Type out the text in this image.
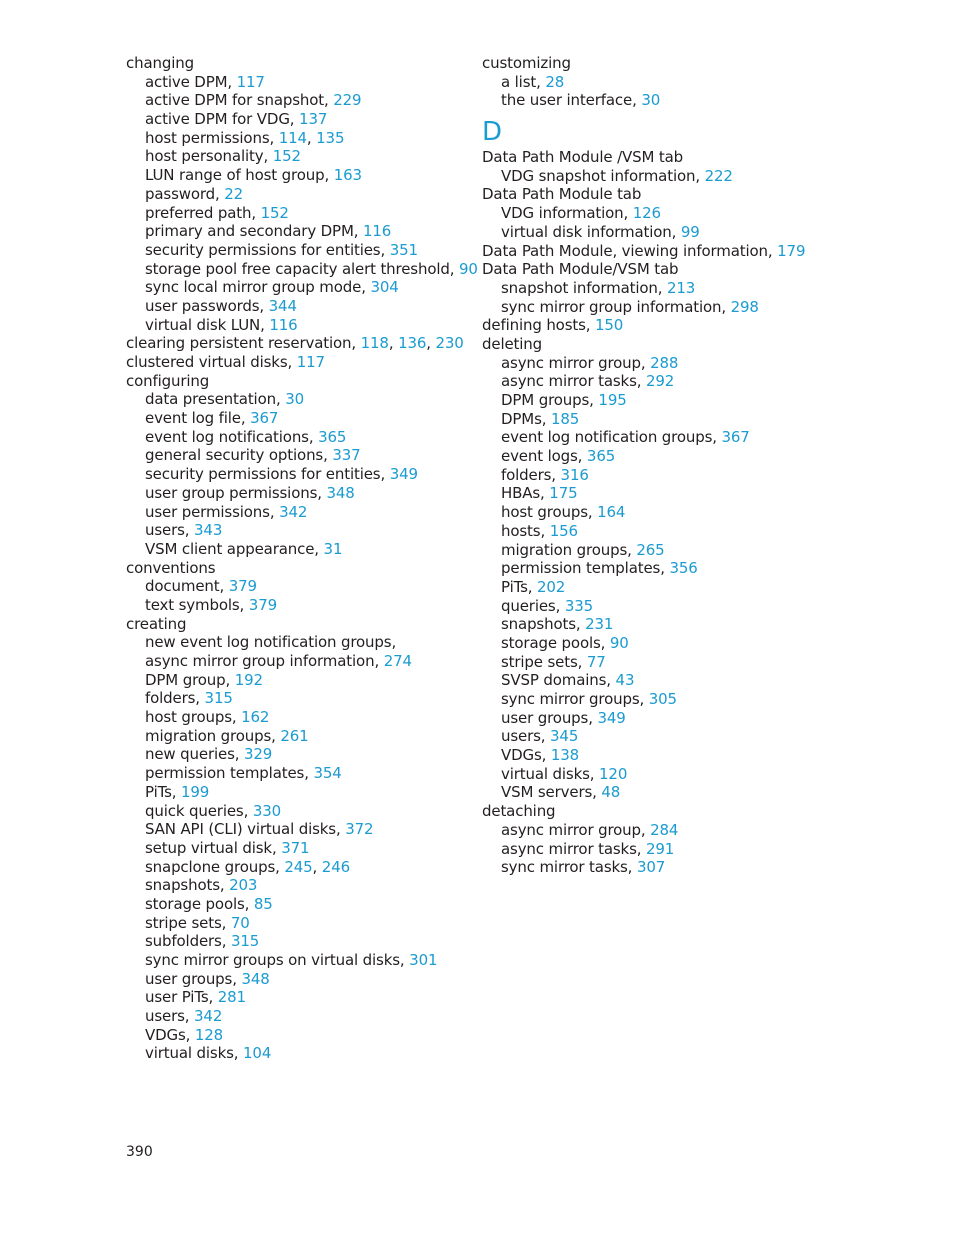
changing
active DPM, 117
active DPM for snapshot, 229
active DPM for VDG, 137
host permissions, 114, 135
host personality, 152
LUN range of host group, 163
password, 22
preferred path, 152
primary and secondary DPM, 116
security permissions for entities, 351
storage pool free capacity alert threshold, 90
sync local mirror group mode, 304
user passwords, 344
virtual disk LUN, 116
clearing persistent reservation, 118, 136, 230
clustered virtual disks, 117
configuring
data presentation, 30
event log file, 367
event log notifications, 365
general security options, 337
security permissions for entities, 349
user group permissions, 348
user permissions, 342
users, 343
VSM client appearance, 31
conventions
document, 379
text symbols, 379
creating
new event log notification groups,
async mirror group information, 274
DPM group, 192
folders, 315
host groups, 162
migration groups, 261
new queries, 329
permission templates, 354
PiTs, 199
quick queries, 330
SAN API (CLI) virtual disks, 372
setup virtual disk, 371
snapclone groups, 245, 246
snapshots, 203
storage pools, 85
stripe sets, 70
subfolders, 315
sync mirror groups on virtual disks, 301
user groups, 348
user PiTs, 281
users, 342
VDGs, 128
virtual disks, 104
customizing
a list, 28
the user interface, 30
D
Data Path Module /VSM tab
VDG snapshot information, 222
Data Path Module tab
VDG information, 126
virtual disk information, 99
Data Path Module, viewing information, 179
Data Path Module/VSM tab
snapshot information, 213
sync mirror group information, 298
defining hosts, 150
deleting
async mirror group, 288
async mirror tasks, 292
DPM groups, 195
DPMs, 185
event log notification groups, 367
event logs, 365
folders, 316
HBAs, 175
host groups, 164
hosts, 156
migration groups, 265
permission templates, 356
PiTs, 202
queries, 335
snapshots, 231
storage pools, 90
stripe sets, 77
SVSP domains, 43
sync mirror groups, 305
user groups, 349
users, 345
VDGs, 138
virtual disks, 120
VSM servers, 48
detaching
async mirror group, 284
async mirror tasks, 291
sync mirror tasks, 307
390
